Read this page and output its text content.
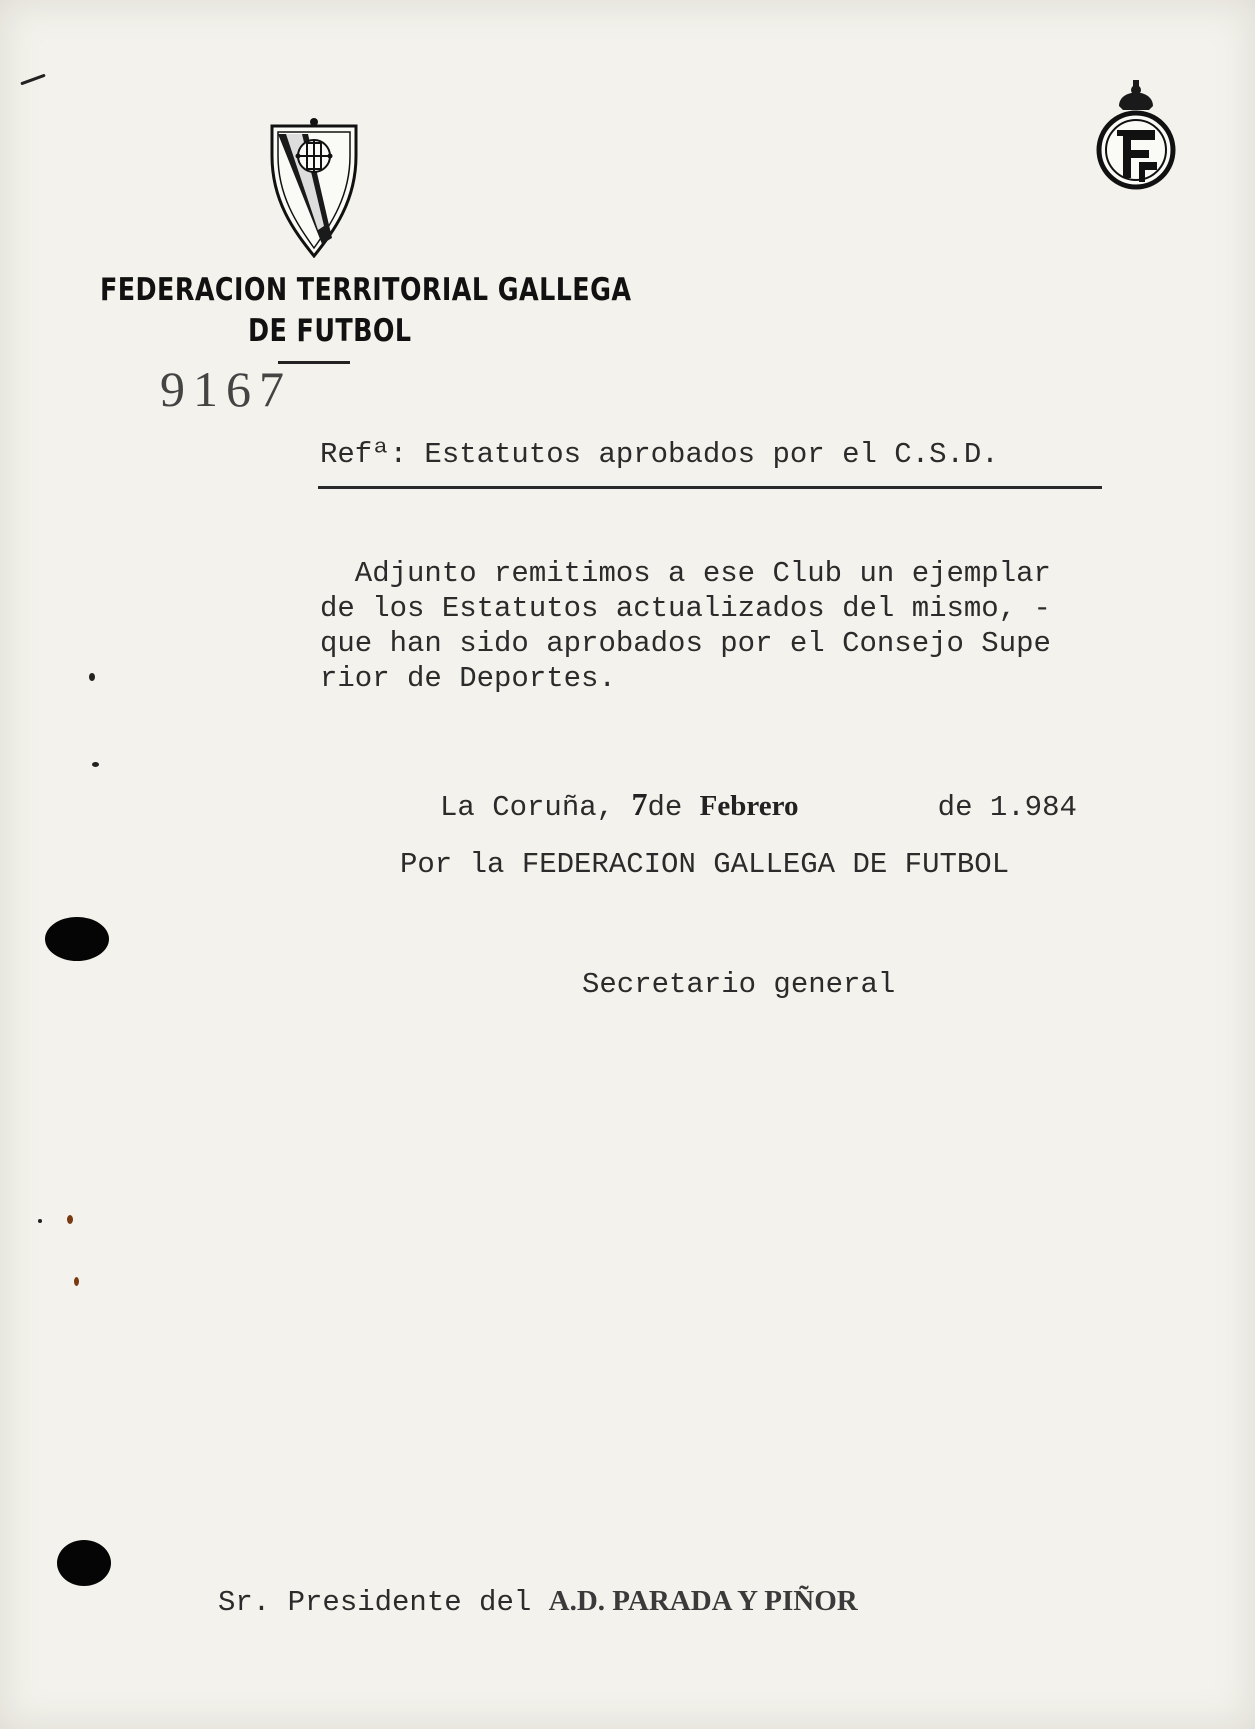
FEDERACION TERRITORIAL GALLEGA
DE FUTBOL
9167
Refª: Estatutos aprobados por el C.S.D.
Adjunto remitimos a ese Club un ejemplar
de los Estatutos actualizados del mismo, -
que han sido aprobados por el Consejo Supe
rior de Deportes.
La Coruña, 7de Febrero	de 1.984
Por la FEDERACION GALLEGA DE FUTBOL
Secretario general
Sr. Presidente del A.D. PARADA Y PIÑOR
